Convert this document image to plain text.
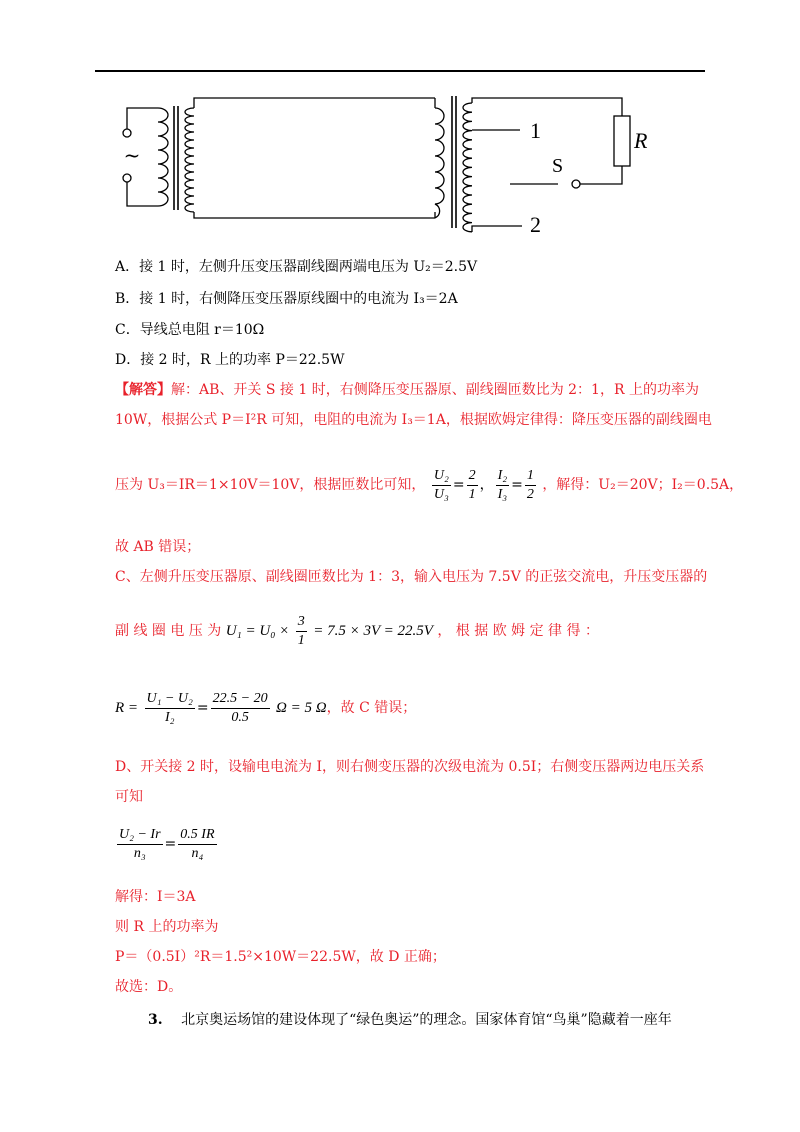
~
1
2
S
R
A．接 1 时，左侧升压变压器副线圈两端电压为 U₂＝2.5V
B．接 1 时，右侧降压变压器原线圈中的电流为 I₃＝2A
C．导线总电阻 r＝10Ω
D．接 2 时，R 上的功率 P＝22.5W
【解答】解：AB、开关 S 接 1 时，右侧降压变压器原、副线圈匝数比为 2：1，R 上的功率为
10W，根据公式 P＝I²R 可知，电阻的电流为 I₃＝1A，根据欧姆定律得：降压变压器的副线圈电
压为 U₃＝IR＝1×10V＝10V，根据匝数比可知， $\frac{\text{U₂}}{\text{U₃}} = \frac{2}{1}$ ， $\frac{\text{I₂}}{\text{I₃}} = \frac{1}{2}$ ，解得：U₂＝20V；I₂＝0.5A，
故 AB 错误；
C、左侧升压变压器原、副线圈匝数比为 1：3，输入电压为 7.5V 的正弦交流电，升压变压器的
副 线 圈 电 压 为 $U_1 = U_0 \times \frac{3}{1} = 7.5 \times 3V = 22.5V$ ， 根 据 欧 姆 定 律 得 ：
$R = \frac{\text{U₁ − U₂}}{\text{I₂}} = \frac{22.5 - 20}{0.5}$ Ω = 5 Ω，故 C 错误；
D、开关接 2 时，设输电电流为 I，则右侧变压器的次级电流为 0.5I；右侧变压器两边电压关系
可知
$\frac{\text{U₂ − Ir}}{\text{n₃}} = \frac{0.5 IR}{\text{n₄}}$
解得：I＝3A
则 R 上的功率为
P＝（0.5I）²R＝1.5²×10W＝22.5W，故 D 正确；
故选：D。
3. 北京奥运场馆的建设体现了“绿色奥运”的理念。国家体育馆“鸟巢”隐藏着一座年
